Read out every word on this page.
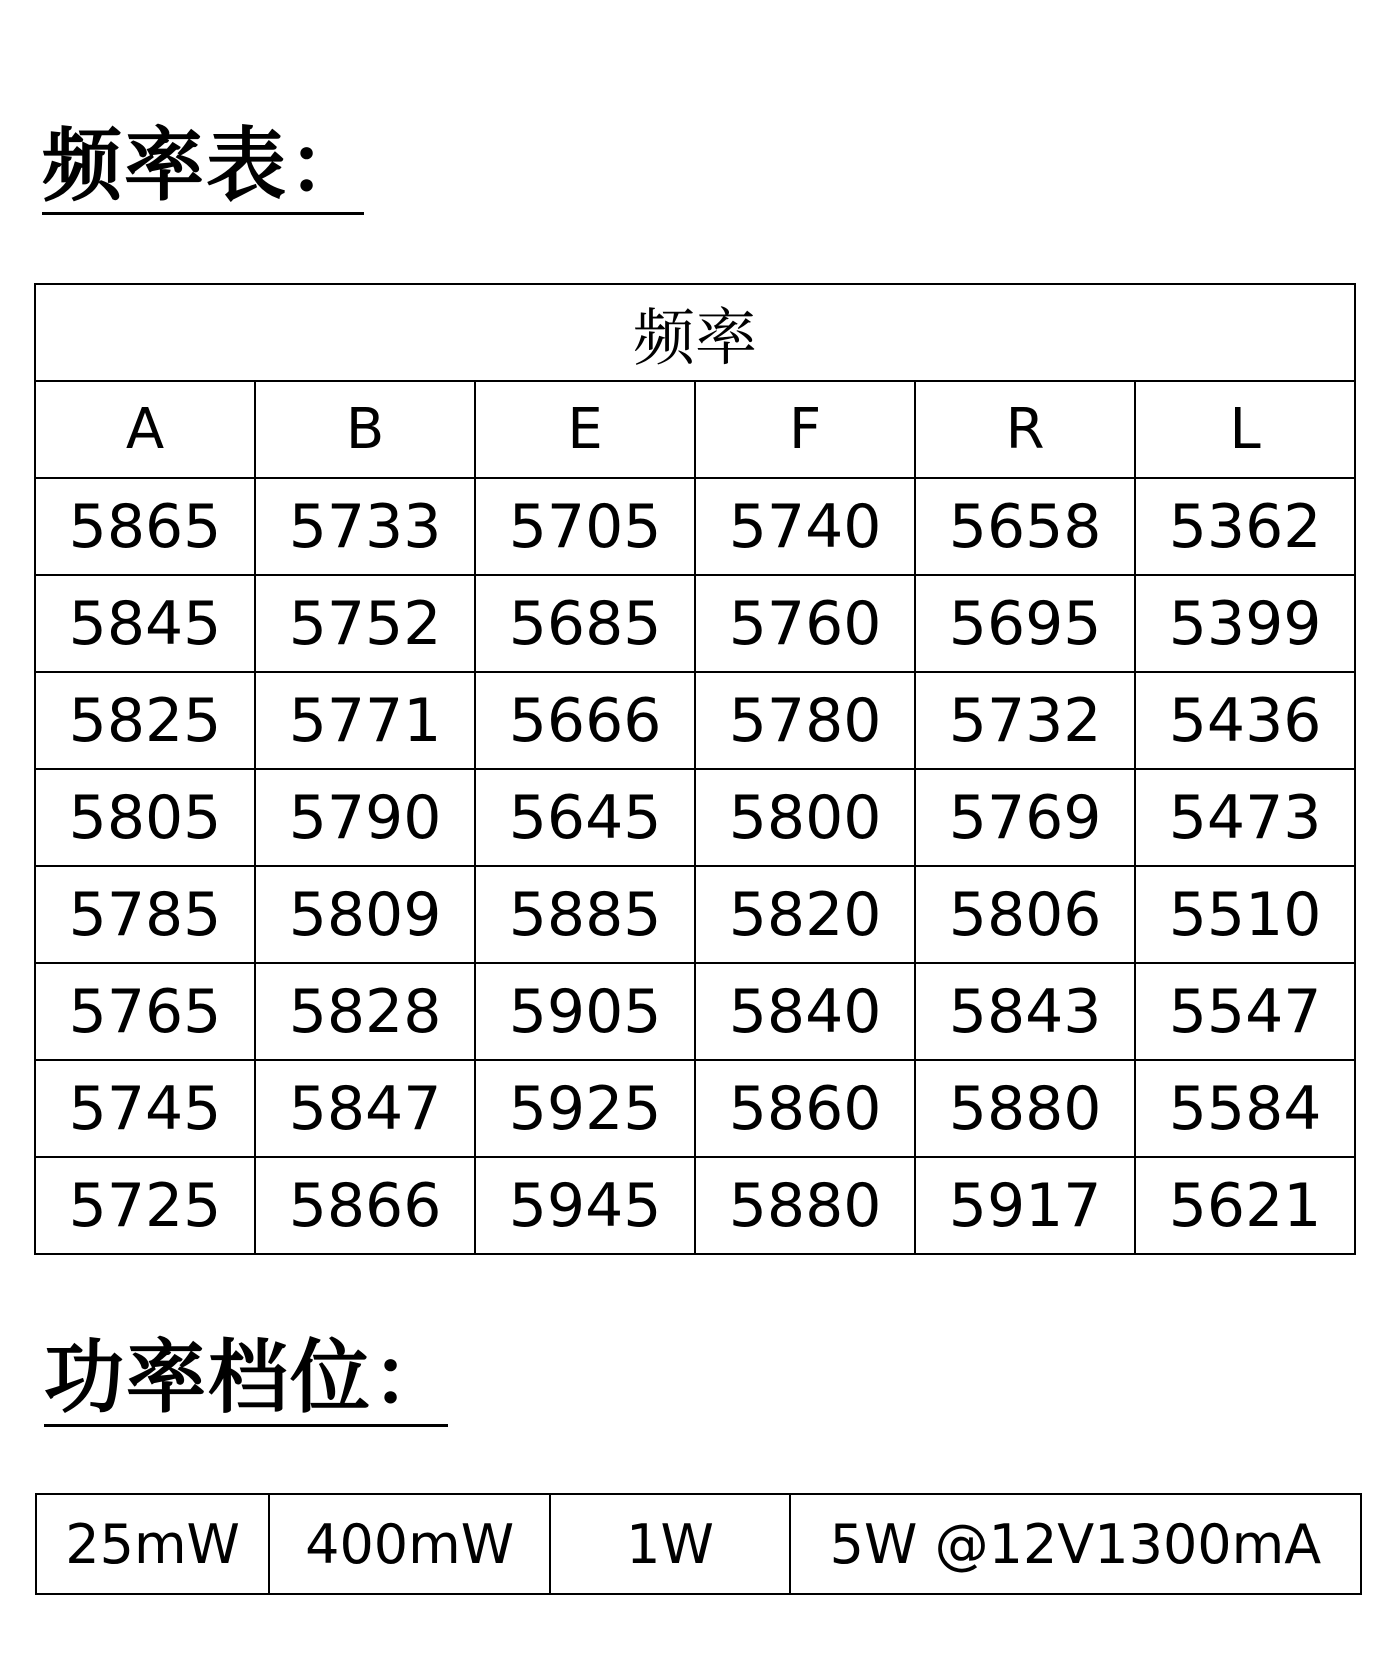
频率表：
频率					
A	B	E	F	R	L
5865	5733	5705	5740	5658	5362
5845	5752	5685	5760	5695	5399
5825	5771	5666	5780	5732	5436
5805	5790	5645	5800	5769	5473
5785	5809	5885	5820	5806	5510
5765	5828	5905	5840	5843	5547
5745	5847	5925	5860	5880	5584
5725	5866	5945	5880	5917	5621
功率档位：
25mW	400mW	1W	5W @12V1300mA
